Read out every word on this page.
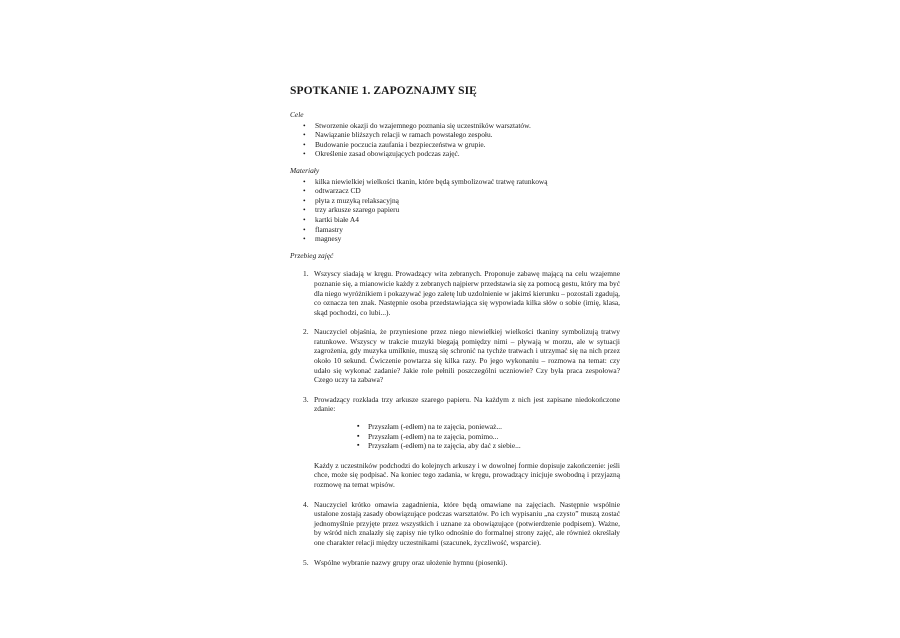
SPOTKANIE 1. ZAPOZNAJMY SIĘ
Cele
• Stworzenie okazji do wzajemnego poznania się uczestników warsztatów.
• Nawiązanie bliższych relacji w ramach powstałego zespołu.
• Budowanie poczucia zaufania i bezpieczeństwa w grupie.
• Określenie zasad obowiązujących podczas zajęć.
Materiały
• kilka niewielkiej wielkości tkanin, które będą symbolizować tratwę ratunkową
• odtwarzacz CD
• płyta z muzyką relaksacyjną
• trzy arkusze szarego papieru
• kartki białe A4
• flamastry
• magnesy
Przebieg zajęć
1. Wszyscy siadają w kręgu. Prowadzący wita zebranych. Proponuje zabawę mającą na celu wzajemne poznanie się, a mianowicie każdy z zebranych najpierw przedstawia się za pomocą gestu, który ma być dla niego wyróżnikiem i pokazywać jego zaletę lub uzdolnienie w jakimś kierunku – pozostali zgadują, co oznacza ten znak. Następnie osoba przedstawiająca się wypowiada kilka słów o sobie (imię, klasa, skąd pochodzi, co lubi...).

2. Nauczyciel objaśnia, że przyniesione przez niego niewielkiej wielkości tkaniny symbolizują tratwy ratunkowe. Wszyscy w trakcie muzyki biegają pomiędzy nimi – pływają w morzu, ale w sytuacji zagrożenia, gdy muzyka umilknie, muszą się schronić na tychże tratwach i utrzymać się na nich przez około 10 sekund. Ćwiczenie powtarza się kilka razy. Po jego wykonaniu – rozmowa na temat: czy udało się wykonać zadanie? Jakie role pełnili poszczególni uczniowie? Czy była praca zespołowa? Czego uczy ta zabawa?

3. Prowadzący rozkłada trzy arkusze szarego papieru. Na każdym z nich jest zapisane niedokończone zdanie:

▪ Przyszłam (-edłem) na te zajęcia, ponieważ...
▪ Przyszłam (-edłem) na te zajęcia, pomimo...
▪ Przyszłam (-edłem) na te zajęcia, aby dać z siebie...

Każdy z uczestników podchodzi do kolejnych arkuszy i w dowolnej formie dopisuje zakończenie: jeśli chce, może się podpisać. Na koniec tego zadania, w kręgu, prowadzący inicjuje swobodną i przyjazną rozmowę na temat wpisów.

4. Nauczyciel krótko omawia zagadnienia, które będą omawiane na zajęciach. Następnie wspólnie ustalone zostają zasady obowiązujące podczas warsztatów. Po ich wypisaniu „na czysto” muszą zostać jednomyślnie przyjęte przez wszystkich i uznane za obowiązujące (potwierdzenie podpisem). Ważne, by wśród nich znalazły się zapisy nie tylko odnośnie do formalnej strony zajęć, ale również określały one charakter relacji między uczestnikami (szacunek, życzliwość, wsparcie).

5. Wspólne wybranie nazwy grupy oraz ułożenie hymnu (piosenki).
